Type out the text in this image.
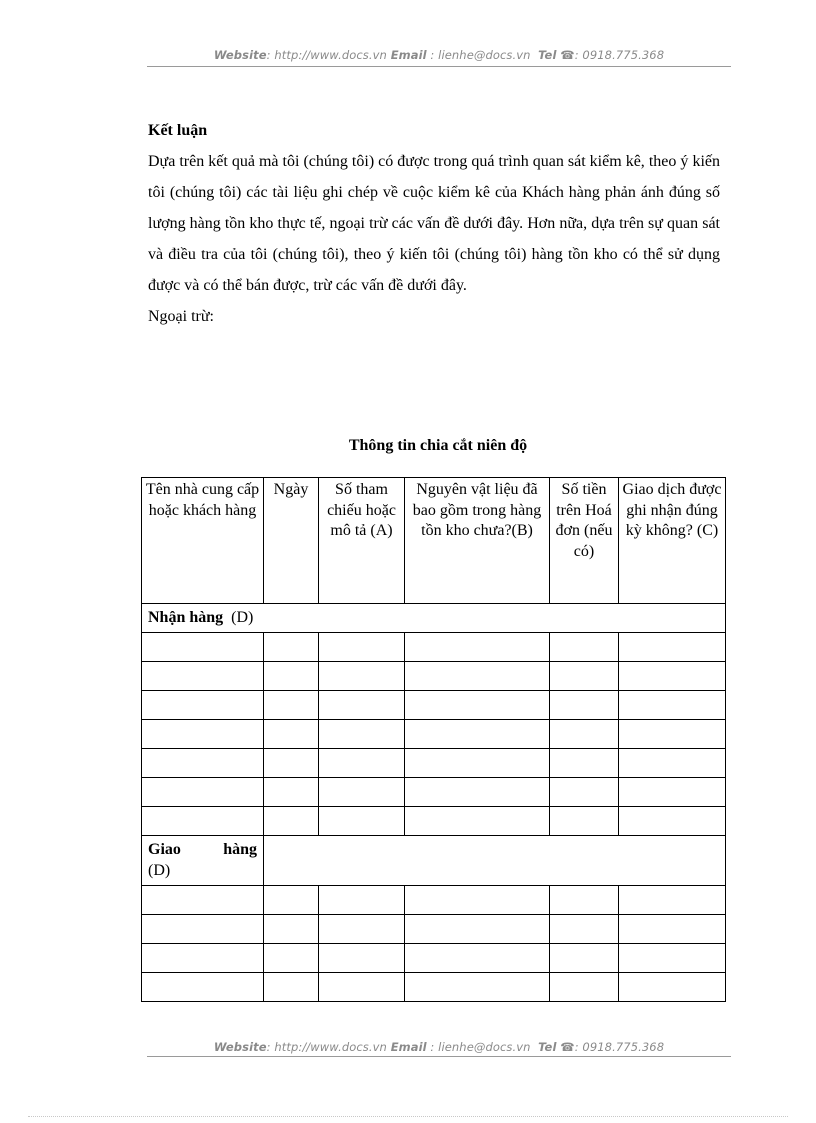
Website: http://www.docs.vn Email : lienhe@docs.vn Tel ☎: 0918.775.368

Kết luận

Dựa trên kết quả mà tôi (chúng tôi) có được trong quá trình quan sát kiểm kê, theo ý kiến tôi (chúng tôi) các tài liệu ghi chép về cuộc kiểm kê của Khách hàng phản ánh đúng số lượng hàng tồn kho thực tế, ngoại trừ các vấn đề dưới đây. Hơn nữa, dựa trên sự quan sát và điều tra của tôi (chúng tôi), theo ý kiến tôi (chúng tôi) hàng tồn kho có thể sử dụng được và có thể bán được, trừ các vấn đề dưới đây.

Ngoại trừ:

Thông tin chia cắt niên độ
Tên nhà cung cấp hoặc khách hàng	Ngày	Số tham chiếu hoặc mô tả (A)	Nguyên vật liệu đã bao gồm trong hàng tồn kho chưa?(B)	Số tiền trên Hoá đơn (nếu có)	Giao dịch được ghi nhận đúng kỳ không? (C)
Nhận hàng (D)					

Giao hàng
(D)					

Website: http://www.docs.vn Email : lienhe@docs.vn Tel ☎: 0918.775.368
